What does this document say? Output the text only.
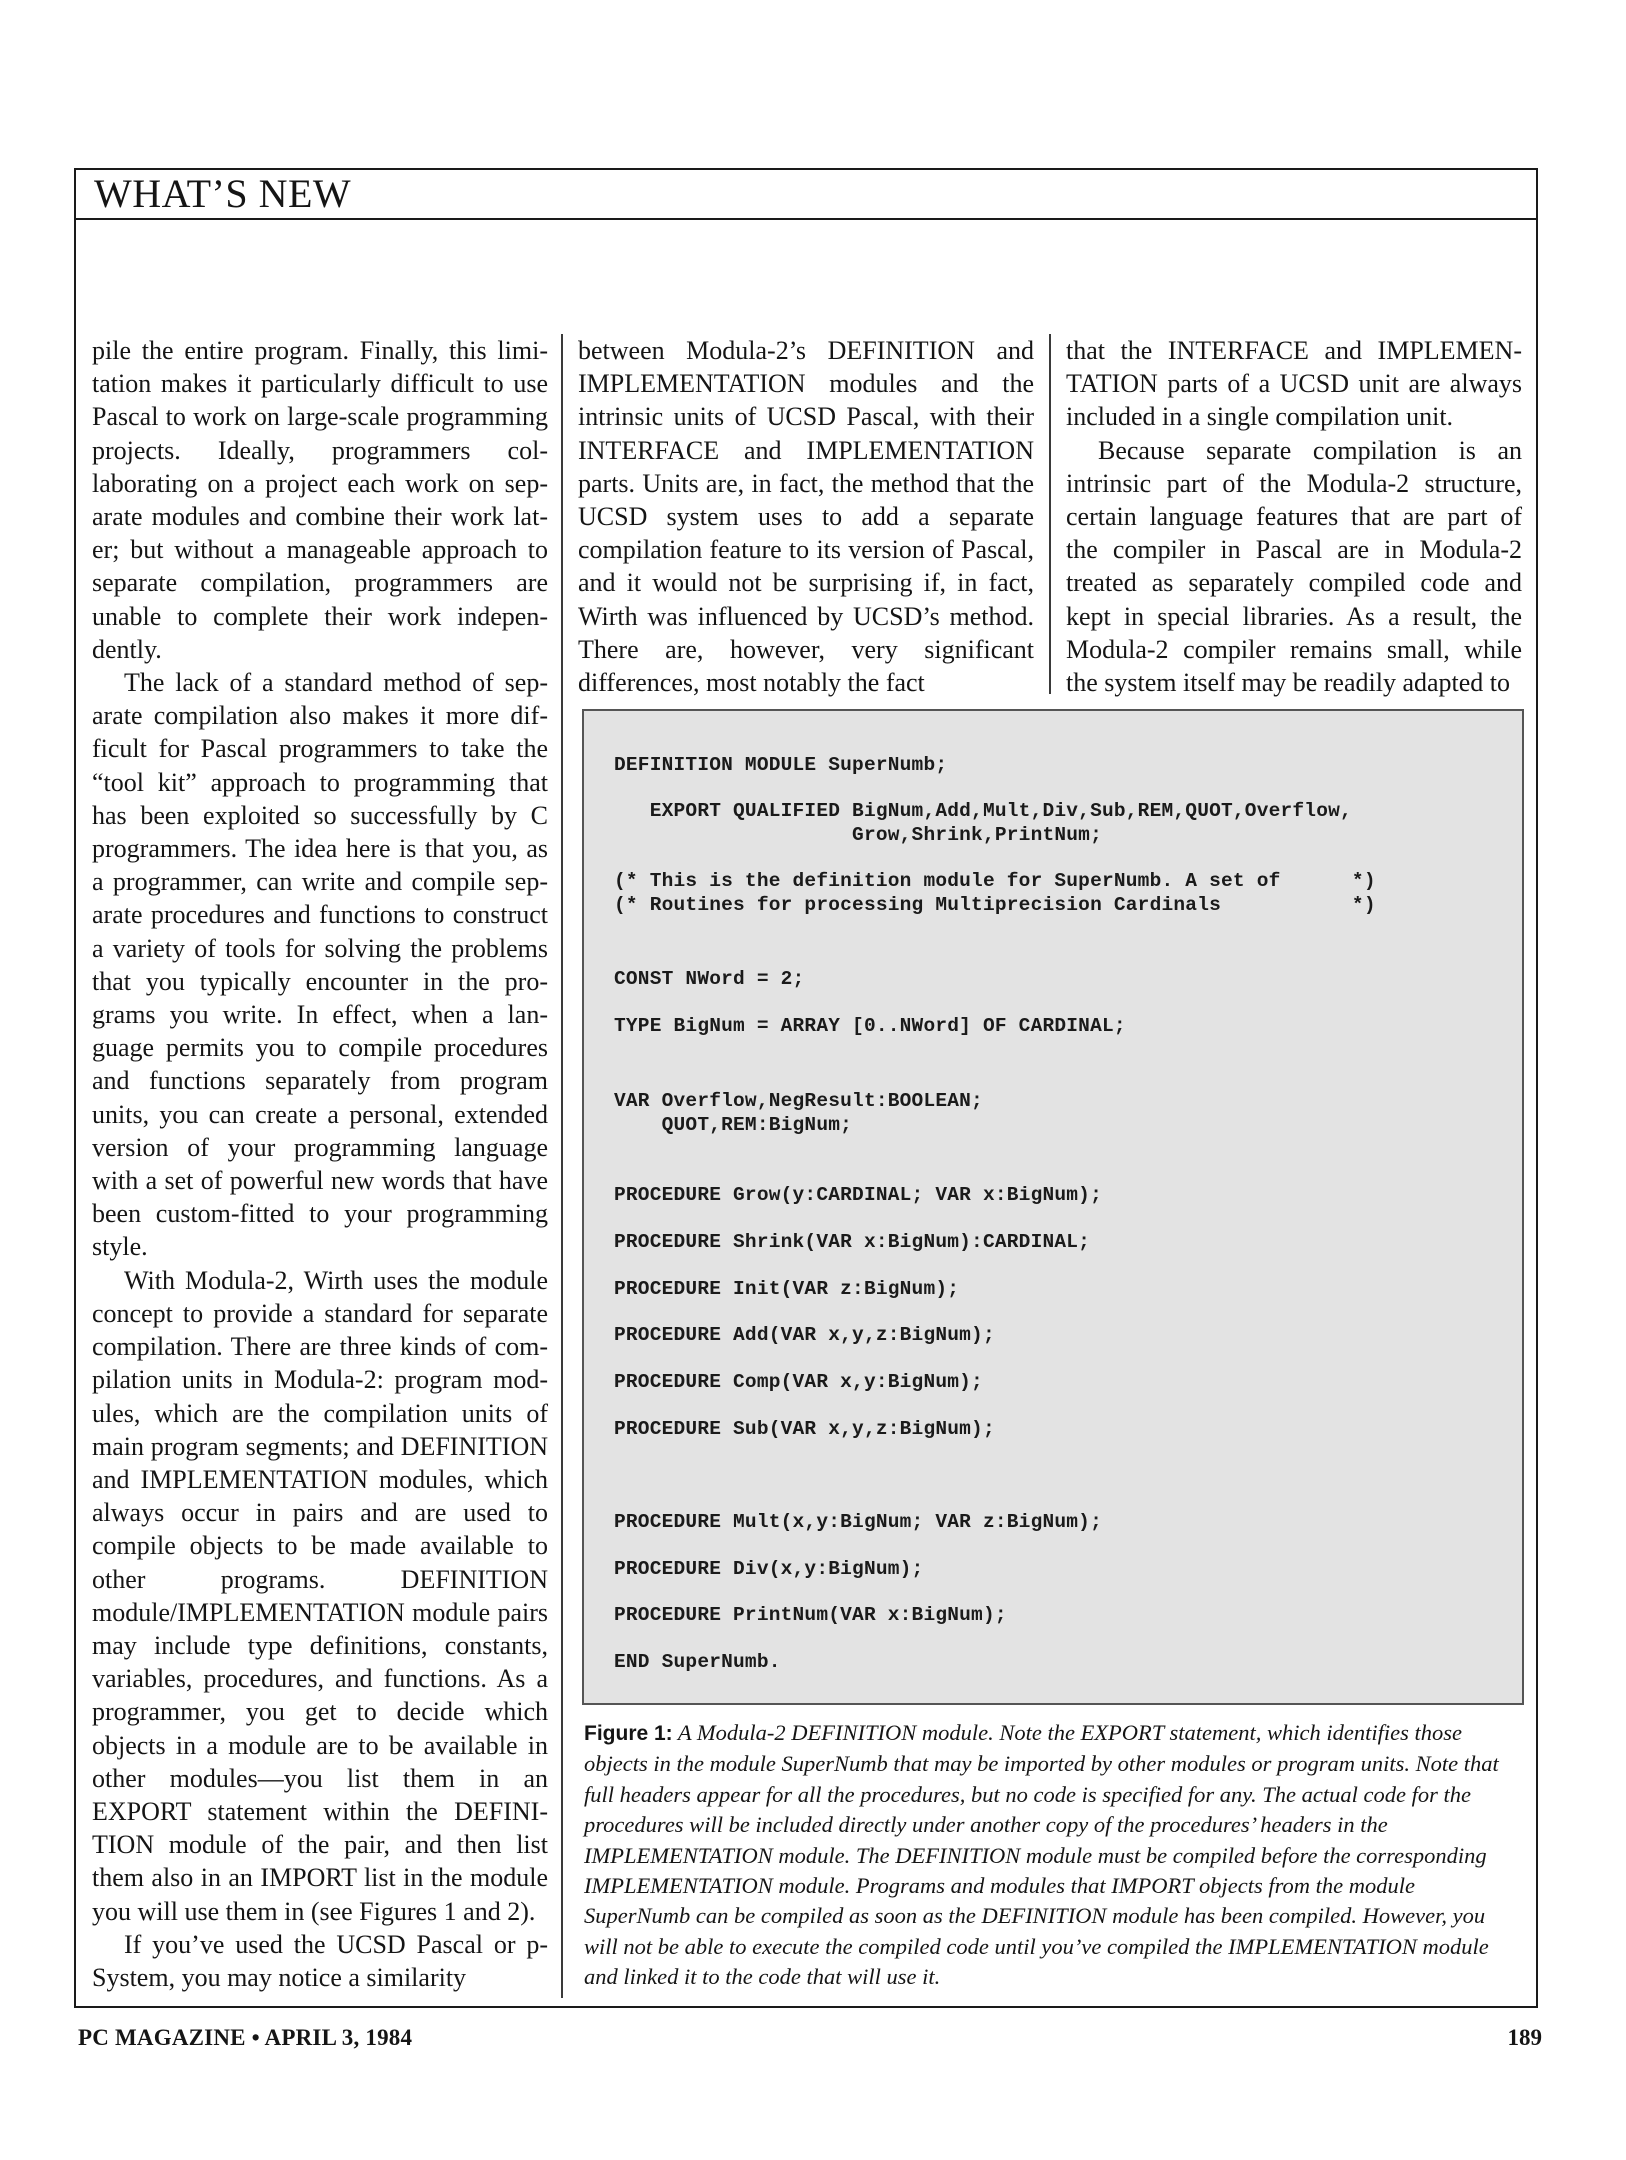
WHAT’S NEW

pile the entire program. Finally, this limitation makes it particularly difficult to use Pascal to work on large-scale programming projects. Ideally, programmers collaborating on a project each work on separate modules and combine their work later; but without a manageable approach to separate compilation, programmers are unable to complete their work independently.

The lack of a standard method of separate compilation also makes it more difficult for Pascal programmers to take the “tool kit” approach to programming that has been exploited so successfully by C programmers. The idea here is that you, as a programmer, can write and compile separate procedures and functions to construct a variety of tools for solving the problems that you typically encounter in the programs you write. In effect, when a language permits you to compile procedures and functions separately from program units, you can create a personal, extended version of your programming language with a set of powerful new words that have been custom-fitted to your programming style.

With Modula-2, Wirth uses the module concept to provide a standard for separate compilation. There are three kinds of compilation units in Modula-2: program modules, which are the compilation units of main program segments; and DEFINITION and IMPLEMENTATION modules, which always occur in pairs and are used to compile objects to be made available to other programs. DEFINITION module/IMPLEMENTATION module pairs may include type definitions, constants, variables, procedures, and functions. As a programmer, you get to decide which objects in a module are to be available in other modules—you list them in an EXPORT statement within the DEFINITION module of the pair, and then list them also in an IMPORT list in the module you will use them in (see Figures 1 and 2).

If you’ve used the UCSD Pascal or p-System, you may notice a similarity

between Modula-2’s DEFINITION and IMPLEMENTATION modules and the intrinsic units of UCSD Pascal, with their INTERFACE and IMPLEMENTATION parts. Units are, in fact, the method that the UCSD system uses to add a separate compilation feature to its version of Pascal, and it would not be surprising if, in fact, Wirth was influenced by UCSD’s method. There are, however, very significant differences, most notably the fact

that the INTERFACE and IMPLEMENTATION parts of a UCSD unit are always included in a single compilation unit.

Because separate compilation is an intrinsic part of the Modula-2 structure, certain language features that are part of the compiler in Pascal are in Modula-2 treated as separately compiled code and kept in special libraries. As a result, the Modula-2 compiler remains small, while the system itself may be readily adapted to

DEFINITION MODULE SuperNumb;
EXPORT QUALIFIED BigNum,Add,Mult,Div,Sub,REM,QUOT,Overflow,
Grow,Shrink,PrintNum;
(* This is the definition module for SuperNumb. A set of      *)
(* Routines for processing Multiprecision Cardinals           *)
CONST NWord = 2;
TYPE BigNum = ARRAY [0..NWord] OF CARDINAL;
VAR Overflow,NegResult:BOOLEAN;
QUOT,REM:BigNum;
PROCEDURE Grow(y:CARDINAL; VAR x:BigNum);
PROCEDURE Shrink(VAR x:BigNum):CARDINAL;
PROCEDURE Init(VAR z:BigNum);
PROCEDURE Add(VAR x,y,z:BigNum);
PROCEDURE Comp(VAR x,y:BigNum);
PROCEDURE Sub(VAR x,y,z:BigNum);
PROCEDURE Mult(x,y:BigNum; VAR z:BigNum);
PROCEDURE Div(x,y:BigNum);
PROCEDURE PrintNum(VAR x:BigNum);
END SuperNumb.

Figure 1: A Modula-2 DEFINITION module. Note the EXPORT statement, which identifies those objects in the module SuperNumb that may be imported by other modules or program units. Note that full headers appear for all the procedures, but no code is specified for any. The actual code for the procedures will be included directly under another copy of the procedures’ headers in the IMPLEMENTATION module. The DEFINITION module must be compiled before the corresponding IMPLEMENTATION module. Programs and modules that IMPORT objects from the module SuperNumb can be compiled as soon as the DEFINITION module has been compiled. However, you will not be able to execute the compiled code until you’ve compiled the IMPLEMENTATION module and linked it to the code that will use it.

PC MAGAZINE • APRIL 3, 1984	189
